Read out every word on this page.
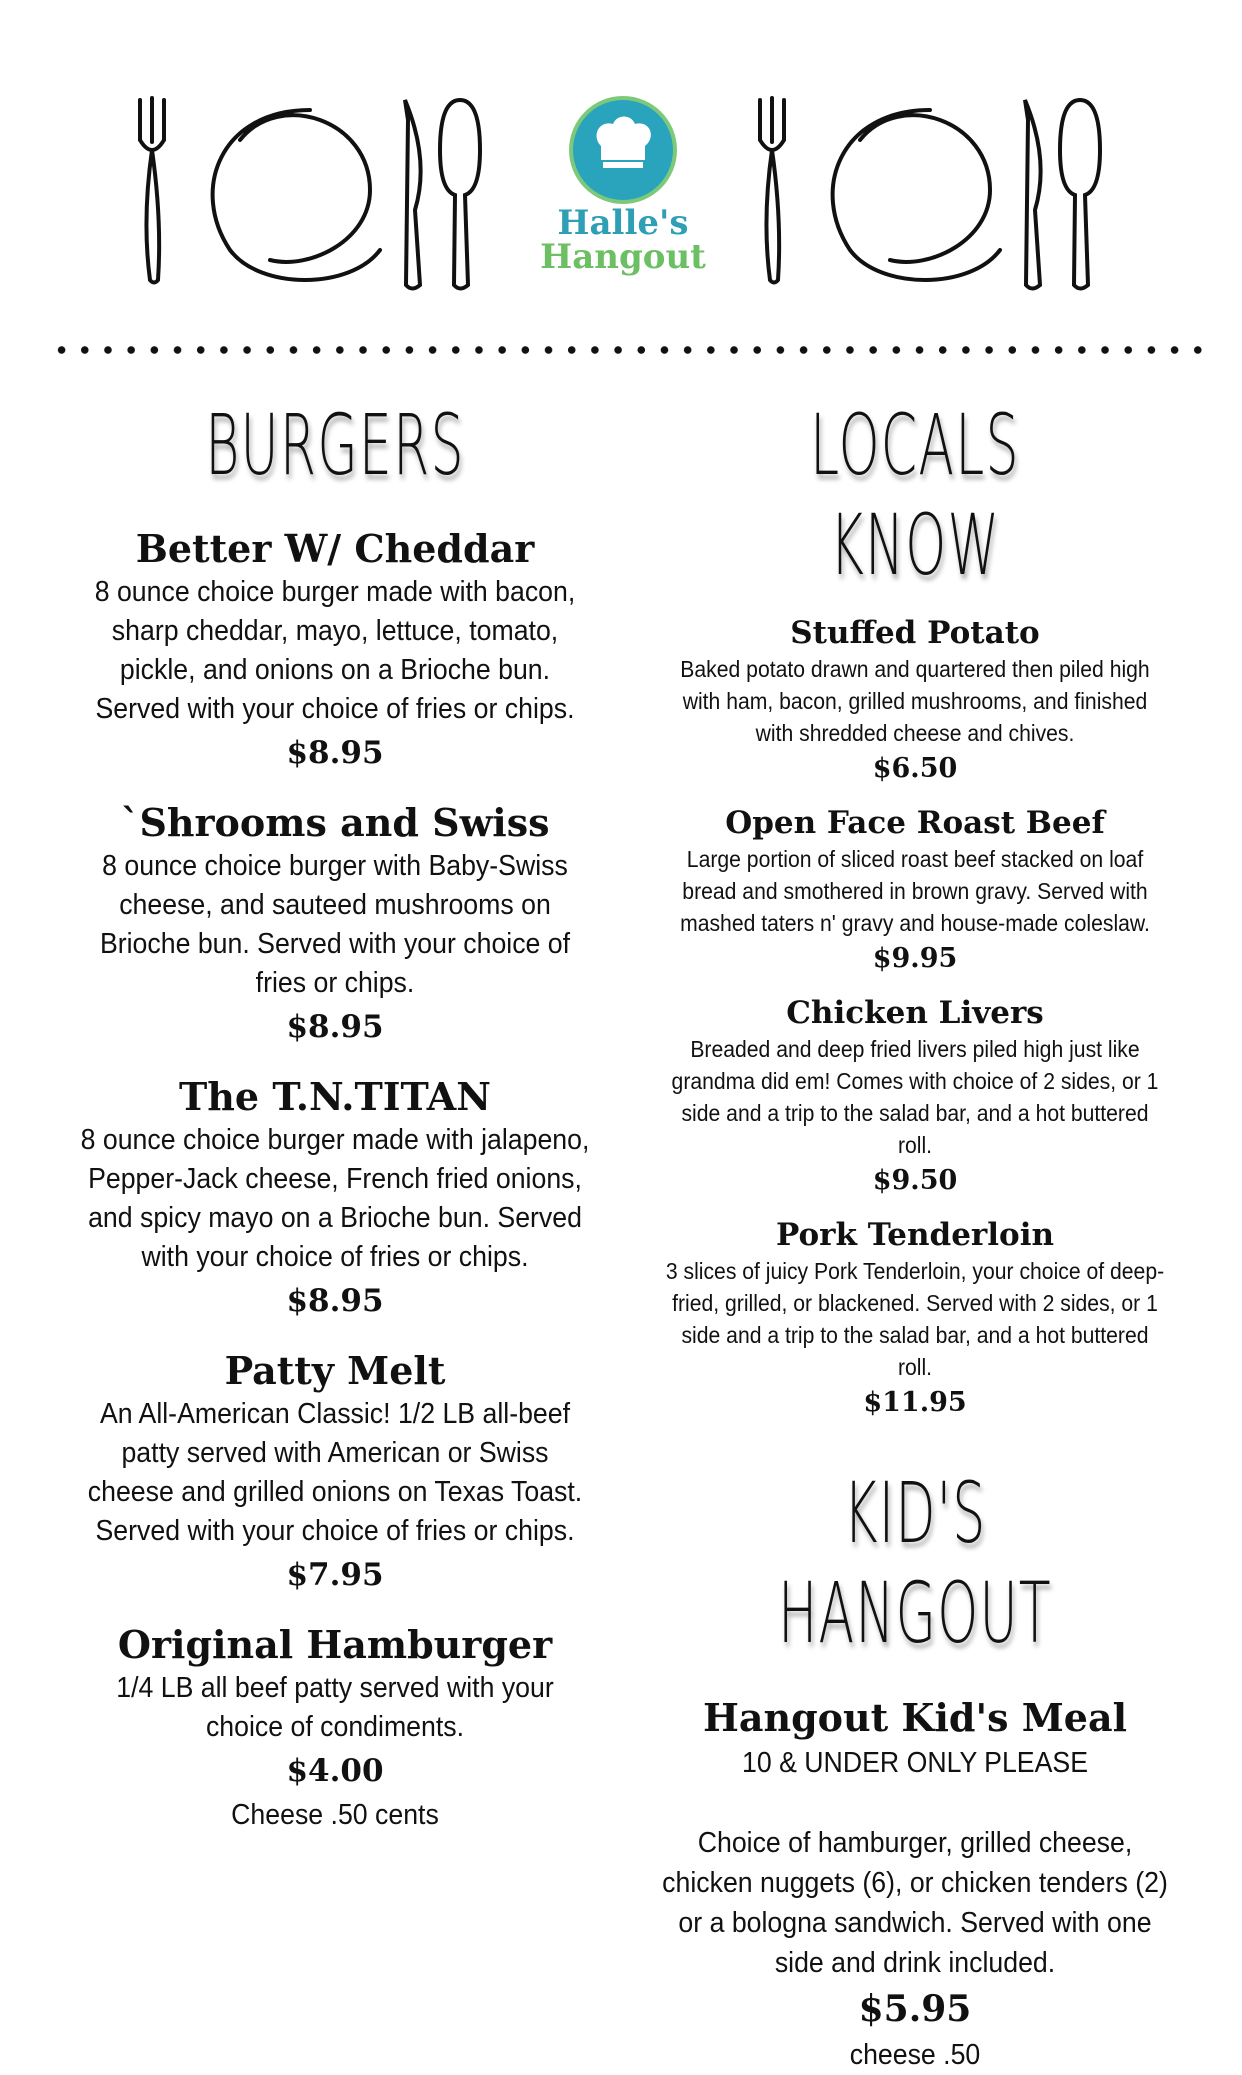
Halle's
Hangout
BURGERS

Better W/ Cheddar

8 ounce choice burger made with bacon, sharp cheddar, mayo, lettuce, tomato, pickle, and onions on a Brioche bun. Served with your choice of fries or chips.

$8.95

`Shrooms and Swiss

8 ounce choice burger with Baby-Swiss cheese, and sauteed mushrooms on Brioche bun. Served with your choice of fries or chips.

$8.95

The T.N.TITAN

8 ounce choice burger made with jalapeno, Pepper-Jack cheese, French fried onions, and spicy mayo on a Brioche bun. Served with your choice of fries or chips.

$8.95

Patty Melt

An All-American Classic! 1/2 LB all-beef patty served with American or Swiss cheese and grilled onions on Texas Toast. Served with your choice of fries or chips.

$7.95

Original Hamburger

1/4 LB all beef patty served with your choice of condiments.

$4.00

Cheese .50 cents

LOCALS KNOW

Stuffed Potato

Baked potato drawn and quartered then piled high with ham, bacon, grilled mushrooms, and finished with shredded cheese and chives.

$6.50

Open Face Roast Beef

Large portion of sliced roast beef stacked on loaf bread and smothered in brown gravy. Served with mashed taters n' gravy and house-made coleslaw.

$9.95

Chicken Livers

Breaded and deep fried livers piled high just like grandma did em! Comes with choice of 2 sides, or 1 side and a trip to the salad bar, and a hot buttered roll.

$9.50

Pork Tenderloin

3 slices of juicy Pork Tenderloin, your choice of deep-fried, grilled, or blackened. Served with 2 sides, or 1 side and a trip to the salad bar, and a hot buttered roll.

$11.95

KID'S HANGOUT

Hangout Kid's Meal

10 & UNDER ONLY PLEASE

Choice of hamburger, grilled cheese, chicken nuggets (6), or chicken tenders (2) or a bologna sandwich. Served with one side and drink included.

$5.95

cheese .50
